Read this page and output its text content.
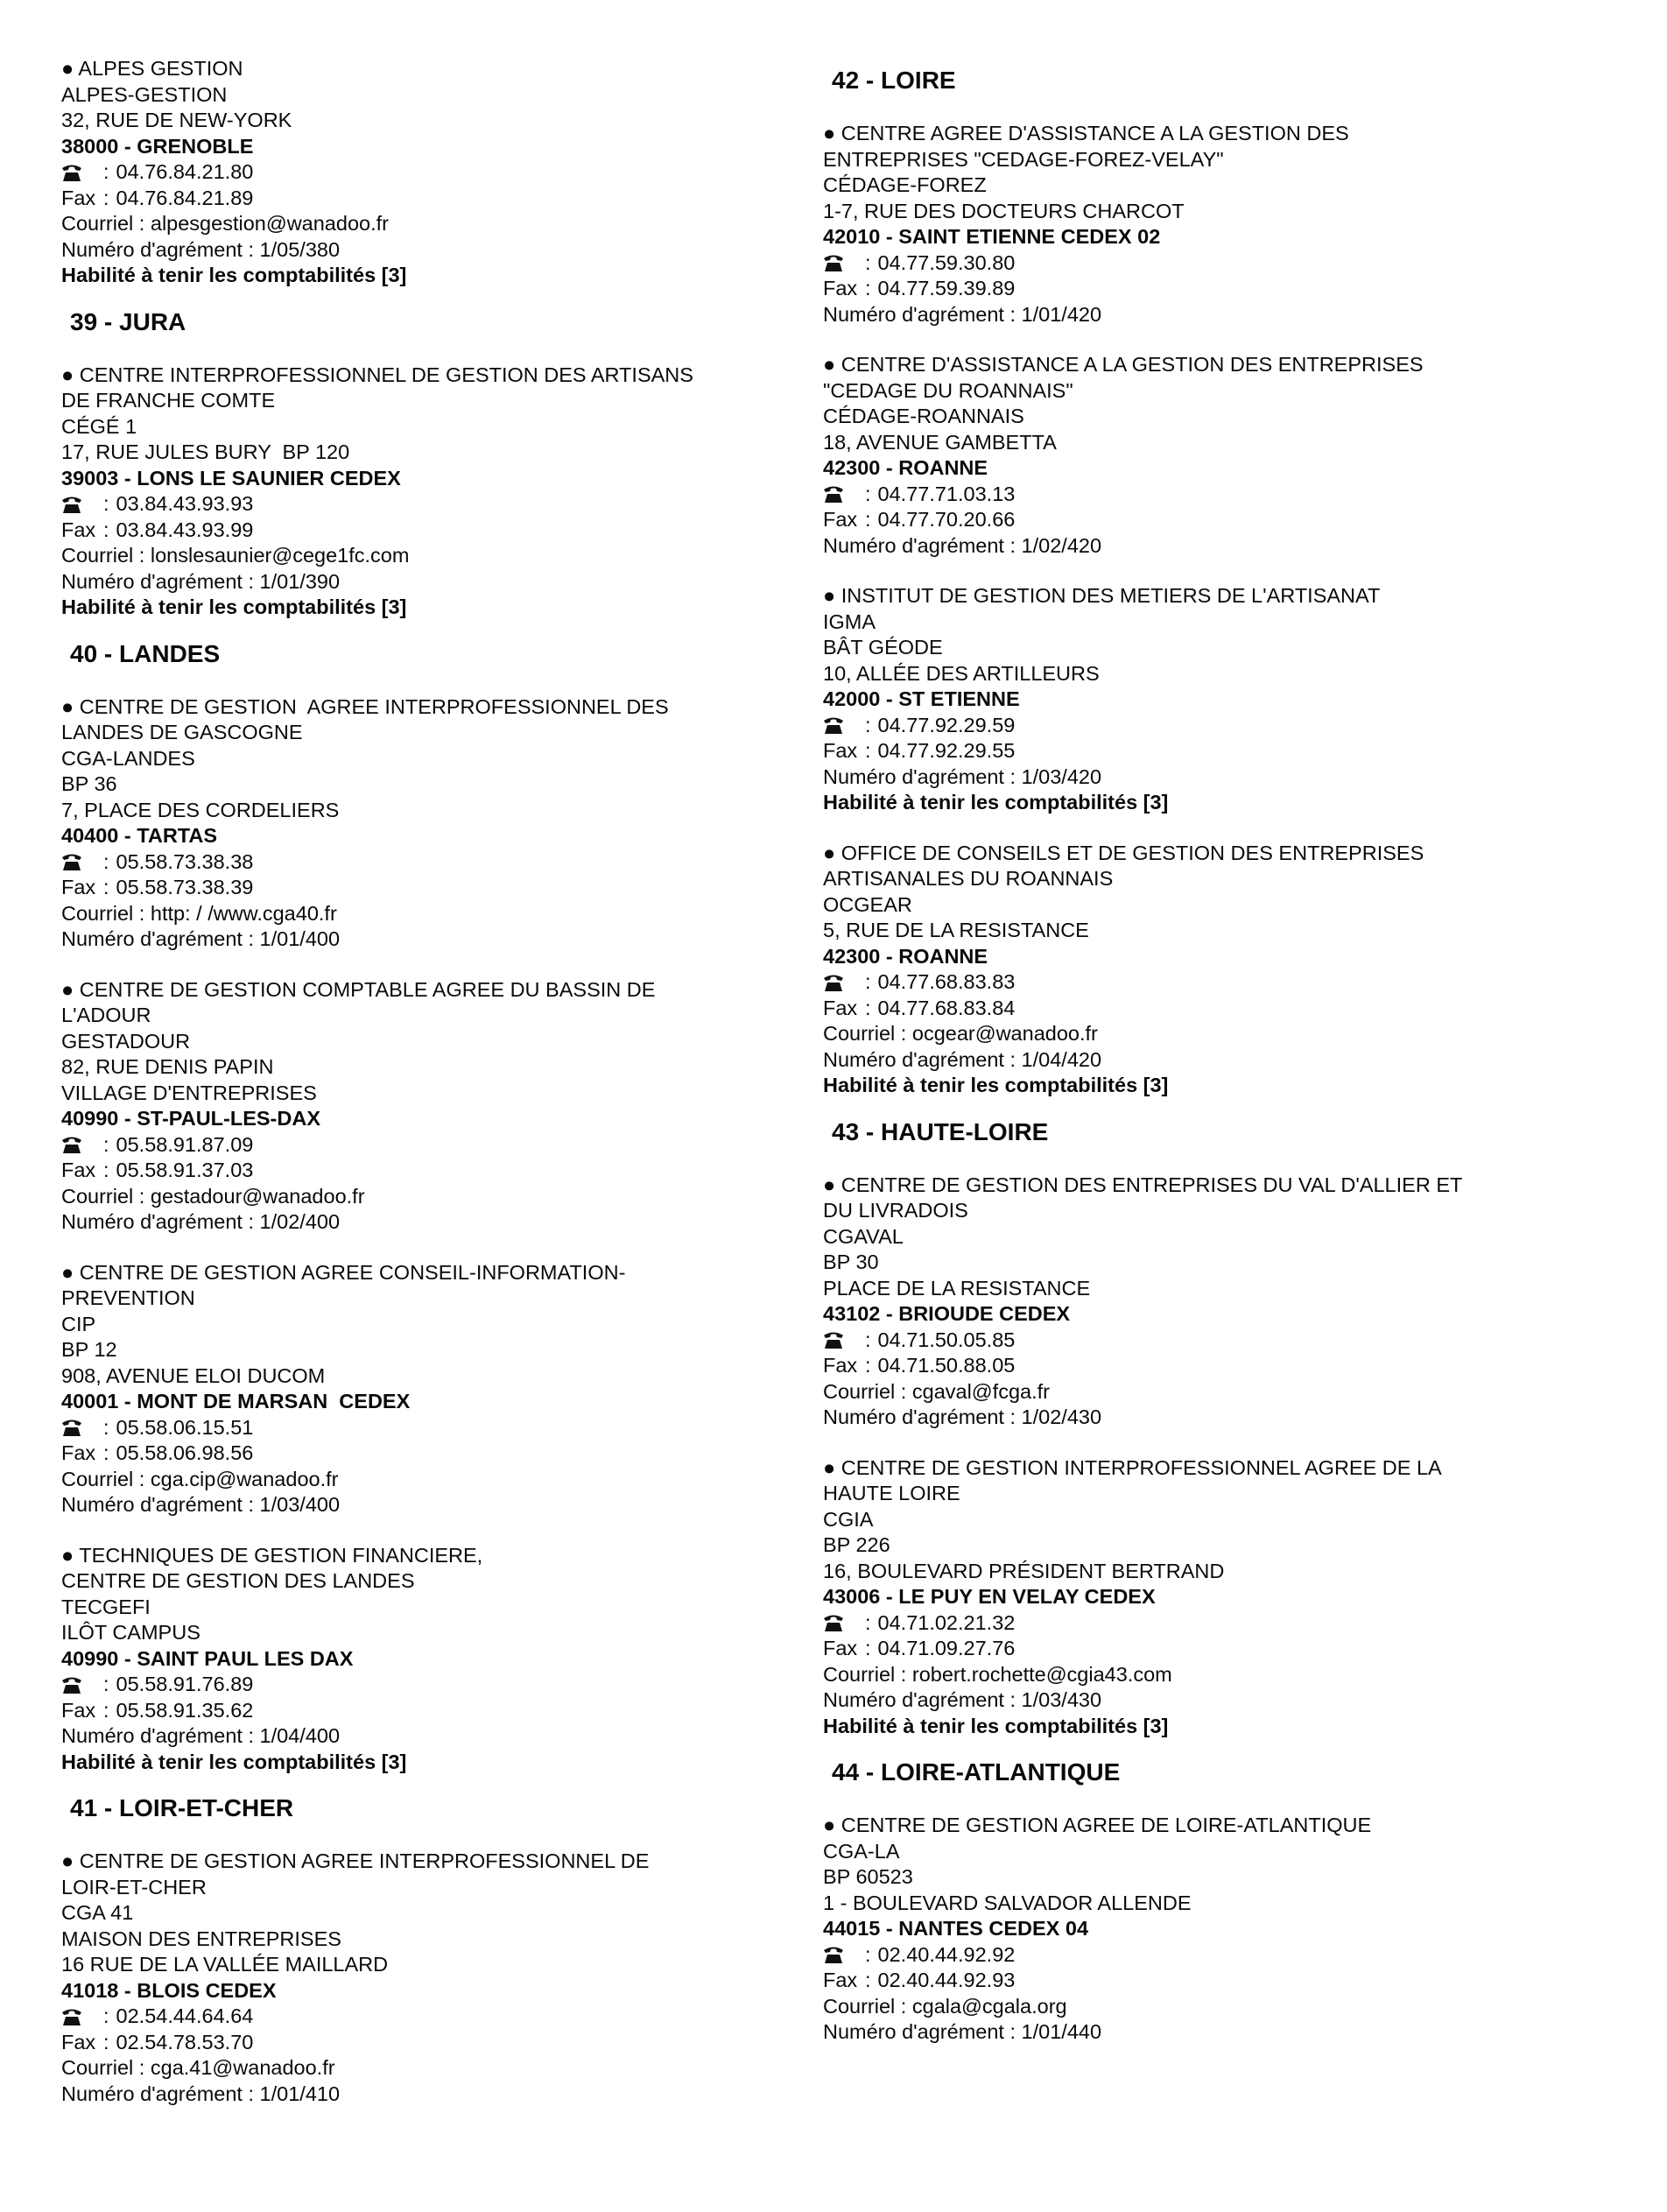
● ALPES GESTION
ALPES-GESTION
32, RUE DE NEW-YORK
38000 - GRENOBLE
: 04.76.84.21.80
Fax : 04.76.84.21.89
Courriel : alpesgestion@wanadoo.fr
Numéro d'agrément : 1/05/380
Habilité à tenir les comptabilités [3]
39 - JURA
● CENTRE INTERPROFESSIONNEL DE GESTION DES ARTISANS
DE FRANCHE COMTE
CÉGÉ 1
17, RUE JULES BURY  BP 120
39003 - LONS LE SAUNIER CEDEX
: 03.84.43.93.93
Fax : 03.84.43.93.99
Courriel : lonslesaunier@cege1fc.com
Numéro d'agrément : 1/01/390
Habilité à tenir les comptabilités [3]
40 - LANDES
● CENTRE DE GESTION  AGREE INTERPROFESSIONNEL DES
LANDES DE GASCOGNE
CGA-LANDES
BP 36
7, PLACE DES CORDELIERS
40400 - TARTAS
: 05.58.73.38.38
Fax : 05.58.73.38.39
Courriel : http: / /www.cga40.fr
Numéro d'agrément : 1/01/400
● CENTRE DE GESTION COMPTABLE AGREE DU BASSIN DE
L'ADOUR
GESTADOUR
82, RUE DENIS PAPIN
VILLAGE D'ENTREPRISES
40990 - ST-PAUL-LES-DAX
: 05.58.91.87.09
Fax : 05.58.91.37.03
Courriel : gestadour@wanadoo.fr
Numéro d'agrément : 1/02/400
● CENTRE DE GESTION AGREE CONSEIL-INFORMATION-
PREVENTION
CIP
BP 12
908, AVENUE ELOI DUCOM
40001 - MONT DE MARSAN  CEDEX
: 05.58.06.15.51
Fax : 05.58.06.98.56
Courriel : cga.cip@wanadoo.fr
Numéro d'agrément : 1/03/400
● TECHNIQUES DE GESTION FINANCIERE,
CENTRE DE GESTION DES LANDES
TECGEFI
ILÔT CAMPUS
40990 - SAINT PAUL LES DAX
: 05.58.91.76.89
Fax : 05.58.91.35.62
Numéro d'agrément : 1/04/400
Habilité à tenir les comptabilités [3]
41 - LOIR-ET-CHER
● CENTRE DE GESTION AGREE INTERPROFESSIONNEL DE
LOIR-ET-CHER
CGA 41
MAISON DES ENTREPRISES
16 RUE DE LA VALLÉE MAILLARD
41018 - BLOIS CEDEX
: 02.54.44.64.64
Fax : 02.54.78.53.70
Courriel : cga.41@wanadoo.fr
Numéro d'agrément : 1/01/410
42 - LOIRE
● CENTRE AGREE D'ASSISTANCE A LA GESTION DES
ENTREPRISES "CEDAGE-FOREZ-VELAY"
CÉDAGE-FOREZ
1-7, RUE DES DOCTEURS CHARCOT
42010 - SAINT ETIENNE CEDEX 02
: 04.77.59.30.80
Fax : 04.77.59.39.89
Numéro d'agrément : 1/01/420
● CENTRE D'ASSISTANCE A LA GESTION DES ENTREPRISES
"CEDAGE DU ROANNAIS"
CÉDAGE-ROANNAIS
18, AVENUE GAMBETTA
42300 - ROANNE
: 04.77.71.03.13
Fax : 04.77.70.20.66
Numéro d'agrément : 1/02/420
● INSTITUT DE GESTION DES METIERS DE L'ARTISANAT
IGMA
BÂT GÉODE
10, ALLÉE DES ARTILLEURS
42000 - ST ETIENNE
: 04.77.92.29.59
Fax : 04.77.92.29.55
Numéro d'agrément : 1/03/420
Habilité à tenir les comptabilités [3]
● OFFICE DE CONSEILS ET DE GESTION DES ENTREPRISES
ARTISANALES DU ROANNAIS
OCGEAR
5, RUE DE LA RESISTANCE
42300 - ROANNE
: 04.77.68.83.83
Fax : 04.77.68.83.84
Courriel : ocgear@wanadoo.fr
Numéro d'agrément : 1/04/420
Habilité à tenir les comptabilités [3]
43 - HAUTE-LOIRE
● CENTRE DE GESTION DES ENTREPRISES DU VAL D'ALLIER ET
DU LIVRADOIS
CGAVAL
BP 30
PLACE DE LA RESISTANCE
43102 - BRIOUDE CEDEX
: 04.71.50.05.85
Fax : 04.71.50.88.05
Courriel : cgaval@fcga.fr
Numéro d'agrément : 1/02/430
● CENTRE DE GESTION INTERPROFESSIONNEL AGREE DE LA
HAUTE LOIRE
CGIA
BP 226
16, BOULEVARD PRÉSIDENT BERTRAND
43006 - LE PUY EN VELAY CEDEX
: 04.71.02.21.32
Fax : 04.71.09.27.76
Courriel : robert.rochette@cgia43.com
Numéro d'agrément : 1/03/430
Habilité à tenir les comptabilités [3]
44 - LOIRE-ATLANTIQUE
● CENTRE DE GESTION AGREE DE LOIRE-ATLANTIQUE
CGA-LA
BP 60523
1 - BOULEVARD SALVADOR ALLENDE
44015 - NANTES CEDEX 04
: 02.40.44.92.92
Fax : 02.40.44.92.93
Courriel : cgala@cgala.org
Numéro d'agrément : 1/01/440
